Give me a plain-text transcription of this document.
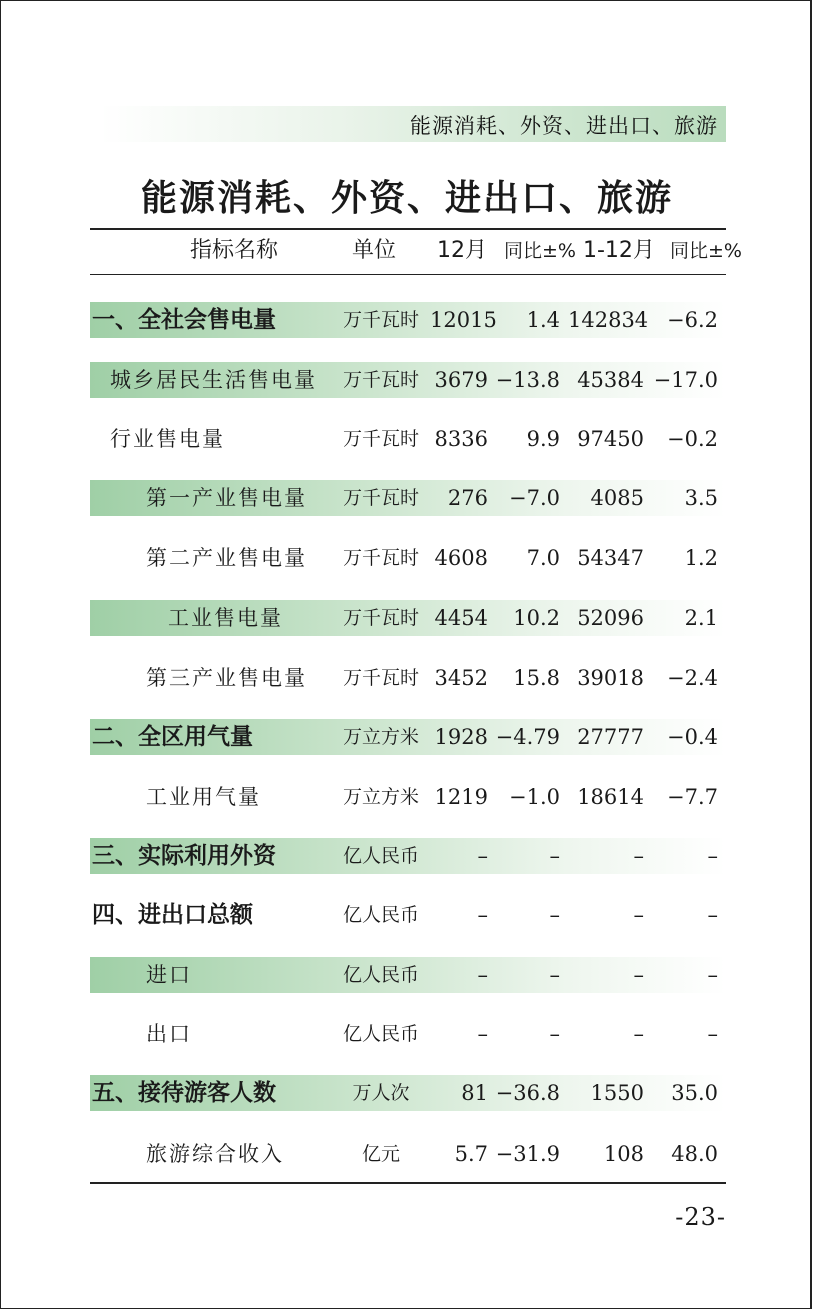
能源消耗、外资、进出口、旅游
能源消耗、外资、进出口、旅游
指标名称	单位 12月 同比±% 1-12月 同比±%
一、全社会售电量	万千瓦时 12015	1.4 142834 −6.2
城乡居民生活售电量	万千瓦时 3679 −13.8 45384 −17.0
行业售电量	万千瓦时 8336	9.9 97450	−0.2
第一产业售电量	万千瓦时	276	−7.0	4085	3.5
第二产业售电量	万千瓦时 4608	7.0 54347	1.2
工业售电量	万千瓦时 4454	10.2 52096	2.1
第三产业售电量	万千瓦时 3452	15.8 39018	−2.4
二、全区用气量	万立方米 1928 −4.79 27777	−0.4
工业用气量	万立方米 1219	−1.0 18614	−7.7
三、实际利用外资	亿人民币	–	–	–	–
四、进出口总额	亿人民币	–	–	–	–
进口	亿人民币	–	–	–	–
出口	亿人民币	–	–	–	–
五、接待游客人数	万人次	81 −36.8	1550	35.0
旅游综合收入	亿元	5.7 −31.9	108	48.0
-23-
